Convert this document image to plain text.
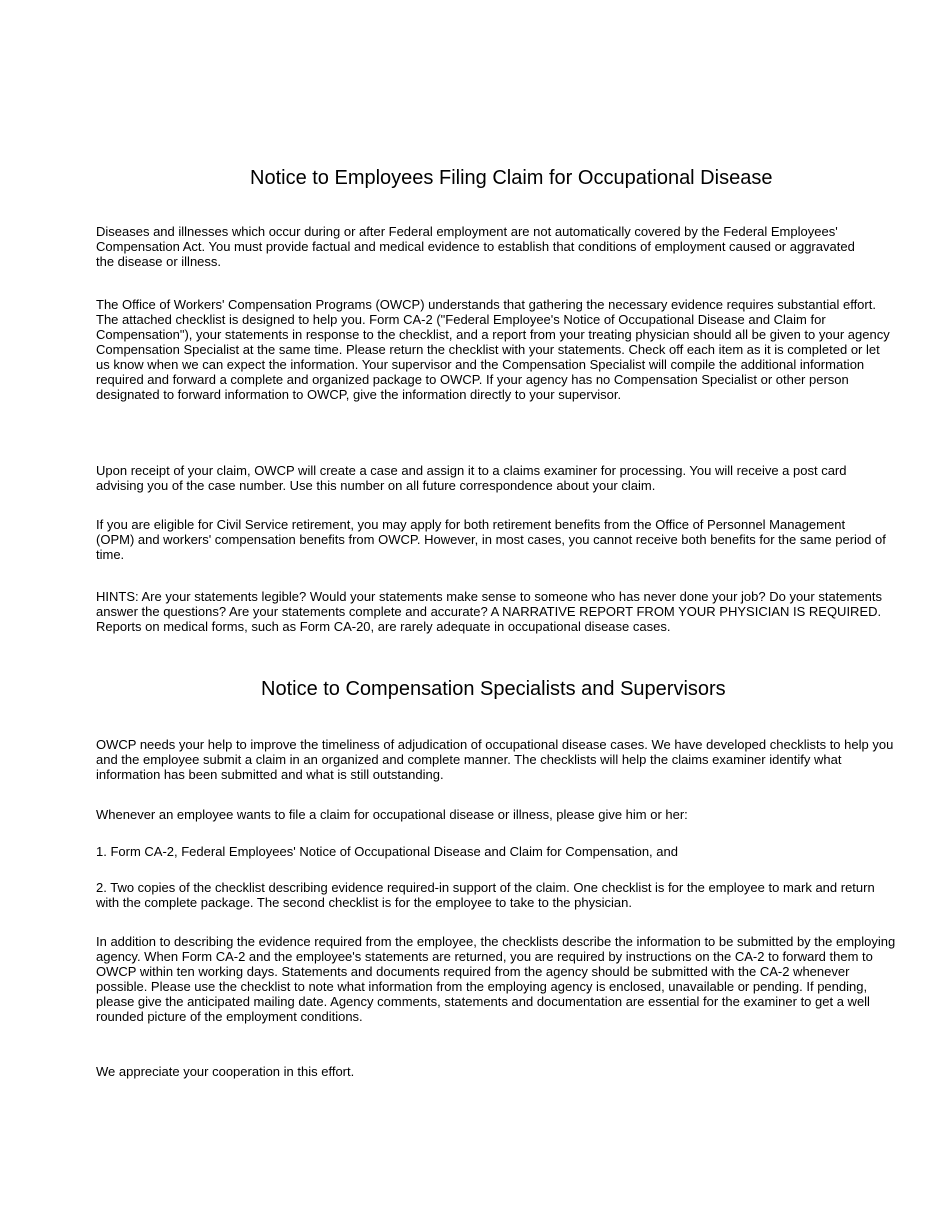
Notice to Employees Filing Claim for Occupational Disease

Diseases and illnesses which occur during or after Federal employment are not automatically covered by the Federal Employees' Compensation Act. You must provide factual and medical evidence to establish that conditions of employment caused or aggravated the disease or illness.

The Office of Workers' Compensation Programs (OWCP) understands that gathering the necessary evidence requires substantial effort. The attached checklist is designed to help you. Form CA-2 ("Federal Employee's Notice of Occupational Disease and Claim for Compensation"), your statements in response to the checklist, and a report from your treating physician should all be given to your agency Compensation Specialist at the same time. Please return the checklist with your statements. Check off each item as it is completed or let us know when we can expect the information. Your supervisor and the Compensation Specialist will compile the additional information required and forward a complete and organized package to OWCP. If your agency has no Compensation Specialist or other person designated to forward information to OWCP, give the information directly to your supervisor.

Upon receipt of your claim, OWCP will create a case and assign it to a claims examiner for processing. You will receive a post card advising you of the case number. Use this number on all future correspondence about your claim.

If you are eligible for Civil Service retirement, you may apply for both retirement benefits from the Office of Personnel Management (OPM) and workers' compensation benefits from OWCP. However, in most cases, you cannot receive both benefits for the same period of time.

HINTS: Are your statements legible? Would your statements make sense to someone who has never done your job? Do your statements answer the questions? Are your statements complete and accurate? A NARRATIVE REPORT FROM YOUR PHYSICIAN IS REQUIRED. Reports on medical forms, such as Form CA-20, are rarely adequate in occupational disease cases.

Notice to Compensation Specialists and Supervisors

OWCP needs your help to improve the timeliness of adjudication of occupational disease cases. We have developed checklists to help you and the employee submit a claim in an organized and complete manner. The checklists will help the claims examiner identify what information has been submitted and what is still outstanding.

Whenever an employee wants to file a claim for occupational disease or illness, please give him or her:

1. Form CA-2, Federal Employees' Notice of Occupational Disease and Claim for Compensation, and

2. Two copies of the checklist describing evidence required-in support of the claim. One checklist is for the employee to mark and return with the complete package. The second checklist is for the employee to take to the physician.

In addition to describing the evidence required from the employee, the checklists describe the information to be submitted by the employing agency. When Form CA-2 and the employee's statements are returned, you are required by instructions on the CA-2 to forward them to OWCP within ten working days. Statements and documents required from the agency should be submitted with the CA-2 whenever possible. Please use the checklist to note what information from the employing agency is enclosed, unavailable or pending. If pending, please give the anticipated mailing date. Agency comments, statements and documentation are essential for the examiner to get a well rounded picture of the employment conditions.

We appreciate your cooperation in this effort.
